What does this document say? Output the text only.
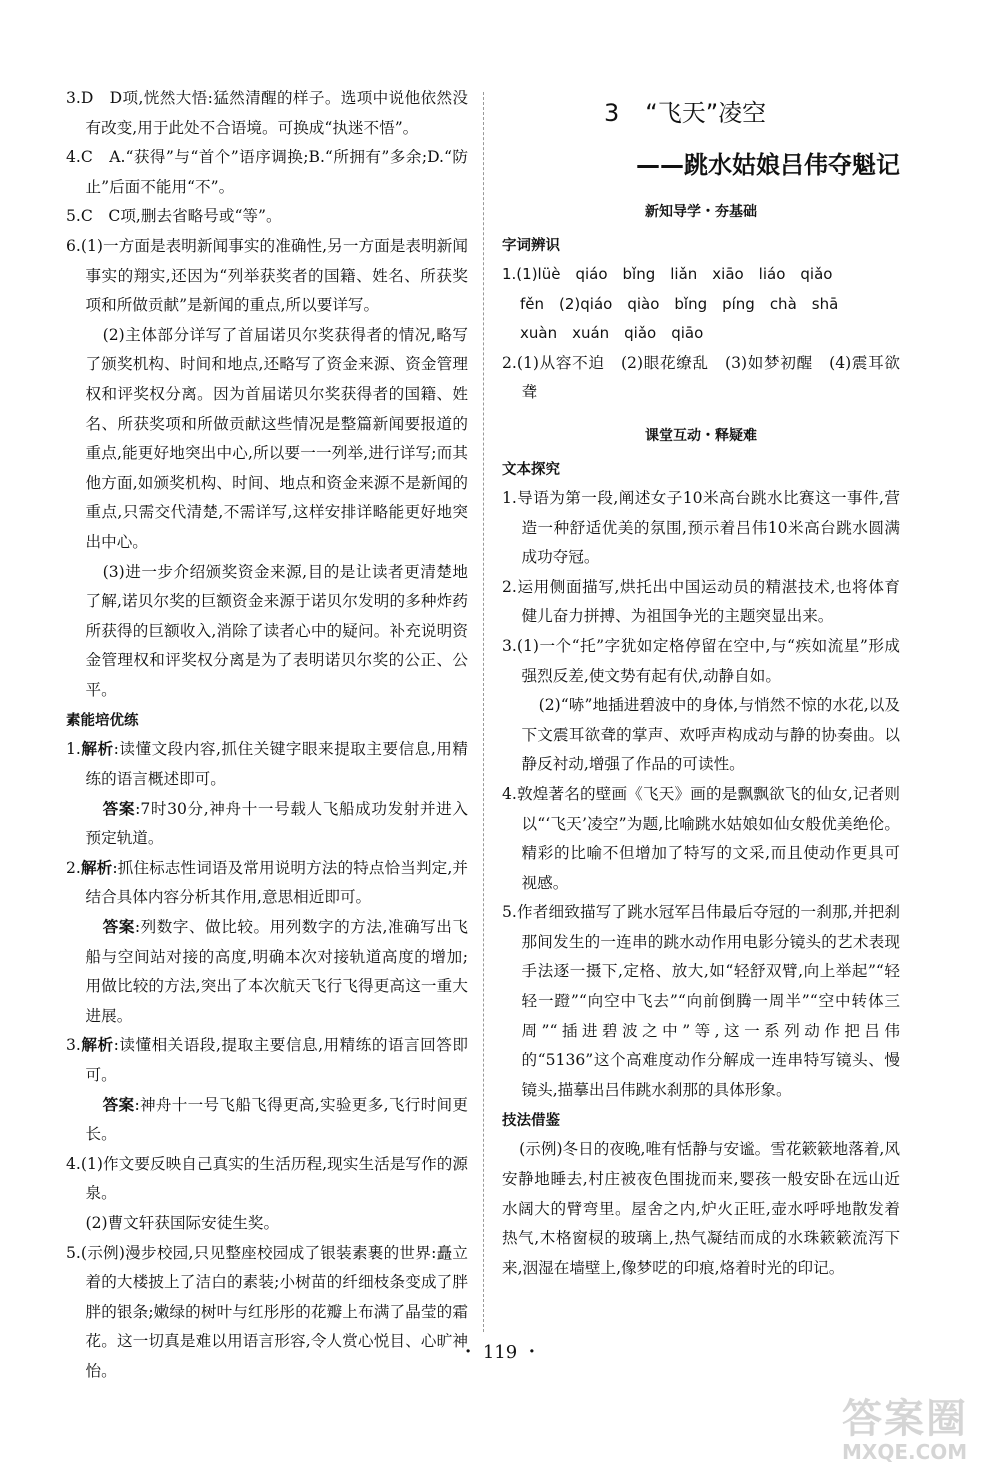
3.D　D项,恍然大悟:猛然清醒的样子。选项中说他依然没有改变,用于此处不合语境。可换成“执迷不悟”。

4.C　A.“获得”与“首个”语序调换;B.“所拥有”多余;D.“防止”后面不能用“不”。

5.C　C项,删去省略号或“等”。

6.(1)一方面是表明新闻事实的准确性,另一方面是表明新闻事实的翔实,还因为“列举获奖者的国籍、姓名、所获奖项和所做贡献”是新闻的重点,所以要详写。

(2)主体部分详写了首届诺贝尔奖获得者的情况,略写了颁奖机构、时间和地点,还略写了资金来源、资金管理权和评奖权分离。因为首届诺贝尔奖获得者的国籍、姓名、所获奖项和所做贡献这些情况是整篇新闻要报道的重点,能更好地突出中心,所以要一一列举,进行详写;而其他方面,如颁奖机构、时间、地点和资金来源不是新闻的重点,只需交代清楚,不需详写,这样安排详略能更好地突出中心。

(3)进一步介绍颁奖资金来源,目的是让读者更清楚地了解,诺贝尔奖的巨额资金来源于诺贝尔发明的多种炸药所获得的巨额收入,消除了读者心中的疑问。补充说明资金管理权和评奖权分离是为了表明诺贝尔奖的公正、公平。

素能培优练

1.解析:读懂文段内容,抓住关键字眼来提取主要信息,用精练的语言概述即可。

答案:7时30分,神舟十一号载人飞船成功发射并进入预定轨道。

2.解析:抓住标志性词语及常用说明方法的特点恰当判定,并结合具体内容分析其作用,意思相近即可。

答案:列数字、做比较。用列数字的方法,准确写出飞船与空间站对接的高度,明确本次对接轨道高度的增加;用做比较的方法,突出了本次航天飞行飞得更高这一重大进展。

3.解析:读懂相关语段,提取主要信息,用精练的语言回答即可。

答案:神舟十一号飞船飞得更高,实验更多,飞行时间更长。

4.(1)作文要反映自己真实的生活历程,现实生活是写作的源泉。

(2)曹文轩获国际安徒生奖。

5.(示例)漫步校园,只见整座校园成了银装素裹的世界:矗立着的大楼披上了洁白的素装;小树苗的纤细枝条变成了胖胖的银条;嫩绿的树叶与红彤彤的花瓣上布满了晶莹的霜花。这一切真是难以用语言形容,令人赏心悦目、心旷神怡。

3 “飞天”凌空
——跳水姑娘吕伟夺魁记
新知导学・夯基础
字词辨识

1.(1)lüè　qiáo　bǐng　liǎn　xiāo　liáo　qiǎo

fěn　(2)qiáo　qiào　bǐng　píng　chà　shā

xuàn　xuán　qiǎo　qiāo

2.(1)从容不迫　(2)眼花缭乱　(3)如梦初醒　(4)震耳欲聋

课堂互动・释疑难
文本探究

1.导语为第一段,阐述女子10米高台跳水比赛这一事件,营造一种舒适优美的氛围,预示着吕伟10米高台跳水圆满成功夺冠。

2.运用侧面描写,烘托出中国运动员的精湛技术,也将体育健儿奋力拼搏、为祖国争光的主题突显出来。

3.(1)一个“托”字犹如定格停留在空中,与“疾如流星”形成强烈反差,使文势有起有伏,动静自如。

(2)“哧”地插进碧波中的身体,与悄然不惊的水花,以及下文震耳欲聋的掌声、欢呼声构成动与静的协奏曲。以静反衬动,增强了作品的可读性。

4.敦煌著名的壁画《飞天》画的是飘飘欲飞的仙女,记者则以“‘飞天’凌空”为题,比喻跳水姑娘如仙女般优美绝伦。精彩的比喻不但增加了特写的文采,而且使动作更具可视感。

5.作者细致描写了跳水冠军吕伟最后夺冠的一刹那,并把刹那间发生的一连串的跳水动作用电影分镜头的艺术表现手法逐一摄下,定格、放大,如“轻舒双臂,向上举起”“轻轻一蹬”“向空中飞去”“向前倒腾一周半”“空中转体三周”“插进碧波之中”等,这一系列动作把吕伟的“5136”这个高难度动作分解成一连串特写镜头、慢镜头,描摹出吕伟跳水刹那的具体形象。

技法借鉴

(示例)冬日的夜晚,唯有恬静与安谧。雪花簌簌地落着,风安静地睡去,村庄被夜色围拢而来,婴孩一般安卧在远山近水阔大的臂弯里。屋舍之内,炉火正旺,壶水呼呼地散发着热气,木格窗棂的玻璃上,热气凝结而成的水珠簌簌流泻下来,洇湿在墙壁上,像梦呓的印痕,烙着时光的印记。

・ 119 ・
答案圈
MXQE.COM
